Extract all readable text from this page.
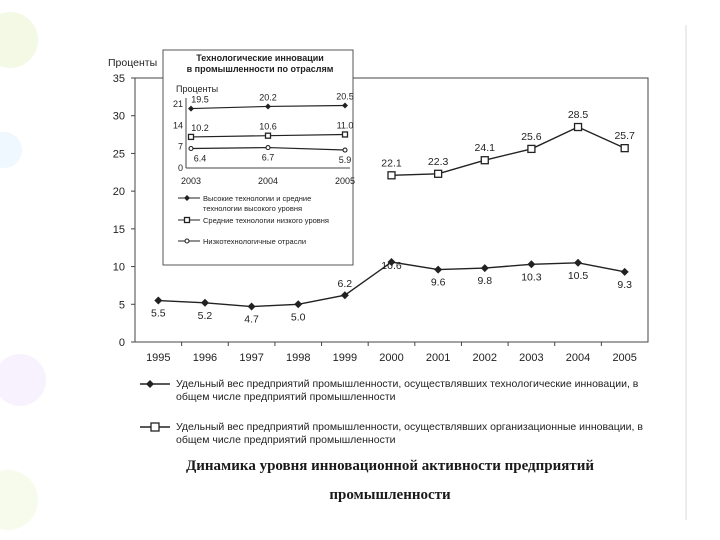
0
5
10
15
20
25
30
35
Проценты
1995 1996 1997 1998 1999 2000 2001 2002 2003 2004 2005
5.5	5.2	4.7	5.0
6.2
10.6
9.6	9.8	10.3 10.5
9.3
22.1 22.3
24.1
25.6
28.5
25.7
Технологические инновации
в промышленности по отраслям
Проценты
0
7
14
21
2003	2004	2005
19.5	20.2	20.5
10.2	10.6	11.0
6.4	6.7	5.9
Высокие технологии и средние
технологии высокого уровня
Средние технологии низкого уровня
Низкотехнологичные отрасли
Удельный вес предприятий промышленности, осуществлявших технологические инновации, в общем числе предприятий промышленности
Удельный вес предприятий промышленности, осуществлявших организационные инновации, в общем числе предприятий промышленности
Динамика уровня инновационной активности предприятий
промышленности
